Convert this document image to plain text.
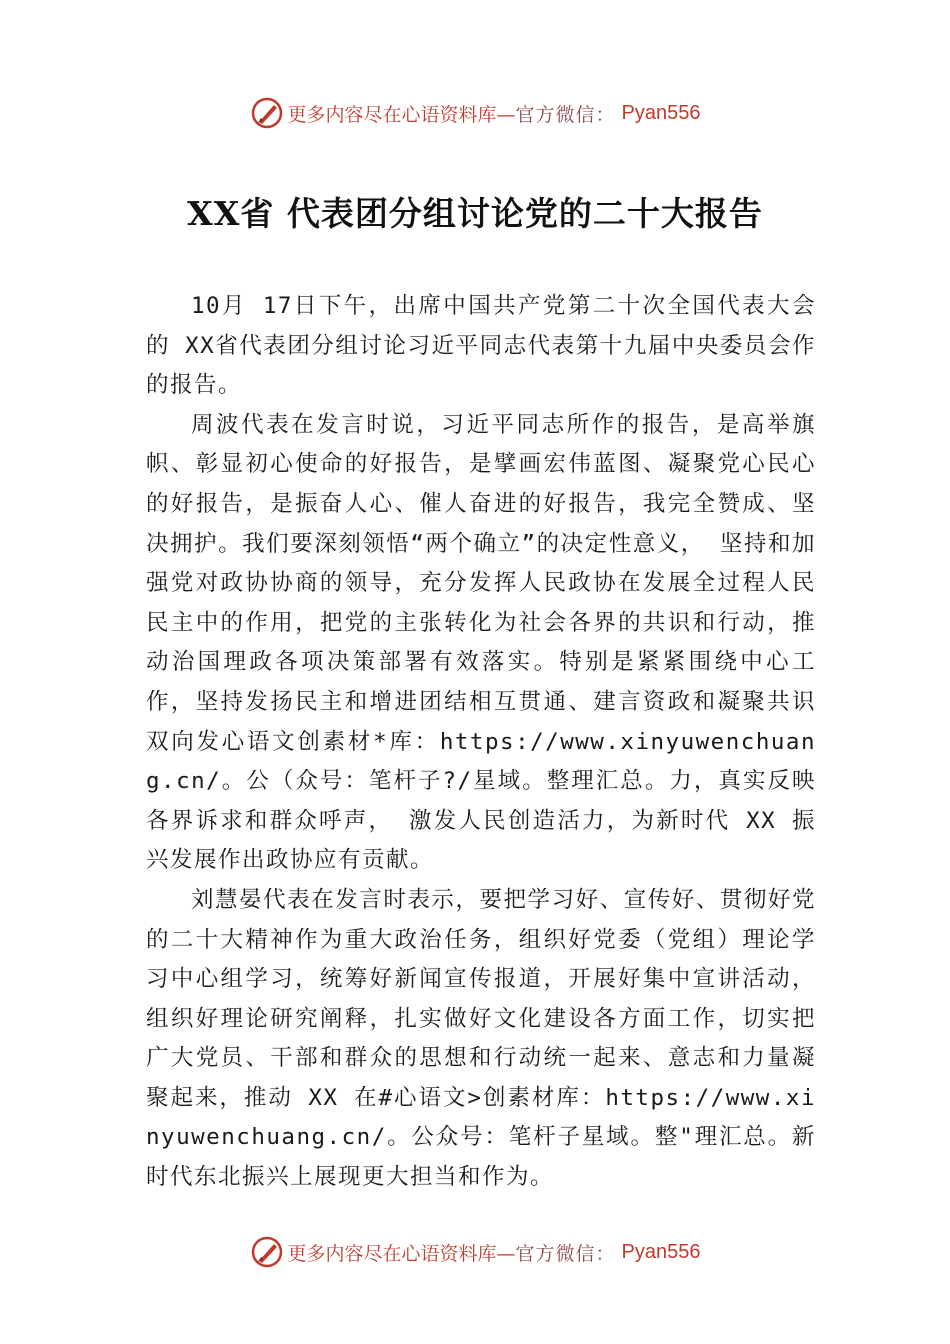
更多内容尽在心语资料库— 官方微信： Pyan556
XX省 代表团分组讨论党的二十大报告

10月 17日下午，出席中国共产党第二十次全国代表大会的 XX省代表团分组讨论习近平同志代表第十九届中央委员会作的报告。

周波代表在发言时说，习近平同志所作的报告，是高举旗帜、彰显初心使命的好报告，是擘画宏伟蓝图、凝聚党心民心的好报告，是振奋人心、催人奋进的好报告，我完全赞成、坚决拥护。我们要深刻领悟“两个确立”的决定性意义， 坚持和加强党对政协协商的领导，充分发挥人民政协在发展全过程人民民主中的作用，把党的主张转化为社会各界的共识和行动，推动治国理政各项决策部署有效落实。特别是紧紧围绕中心工作，坚持发扬民主和增进团结相互贯通、建言资政和凝聚共识双向发心语文创素材*库：https://www.xinyuwenchuang.cn/。公（众号：笔杆子?/星域。整理汇总。力，真实反映各界诉求和群众呼声， 激发人民创造活力，为新时代 XX 振兴发展作出政协应有贡献。

刘慧晏代表在发言时表示，要把学习好、宣传好、贯彻好党的二十大精神作为重大政治任务，组织好党委（党组）理论学习中心组学习，统筹好新闻宣传报道，开展好集中宣讲活动，组织好理论研究阐释，扎实做好文化建设各方面工作，切实把广大党员、干部和群众的思想和行动统一起来、意志和力量凝聚起来，推动 XX 在#心语文>创素材库：https://www.xinyuwenchuang.cn/。公众号：笔杆子星域。整"理汇总。新时代东北振兴上展现更大担当和作为。

更多内容尽在心语资料库— 官方微信： Pyan556
